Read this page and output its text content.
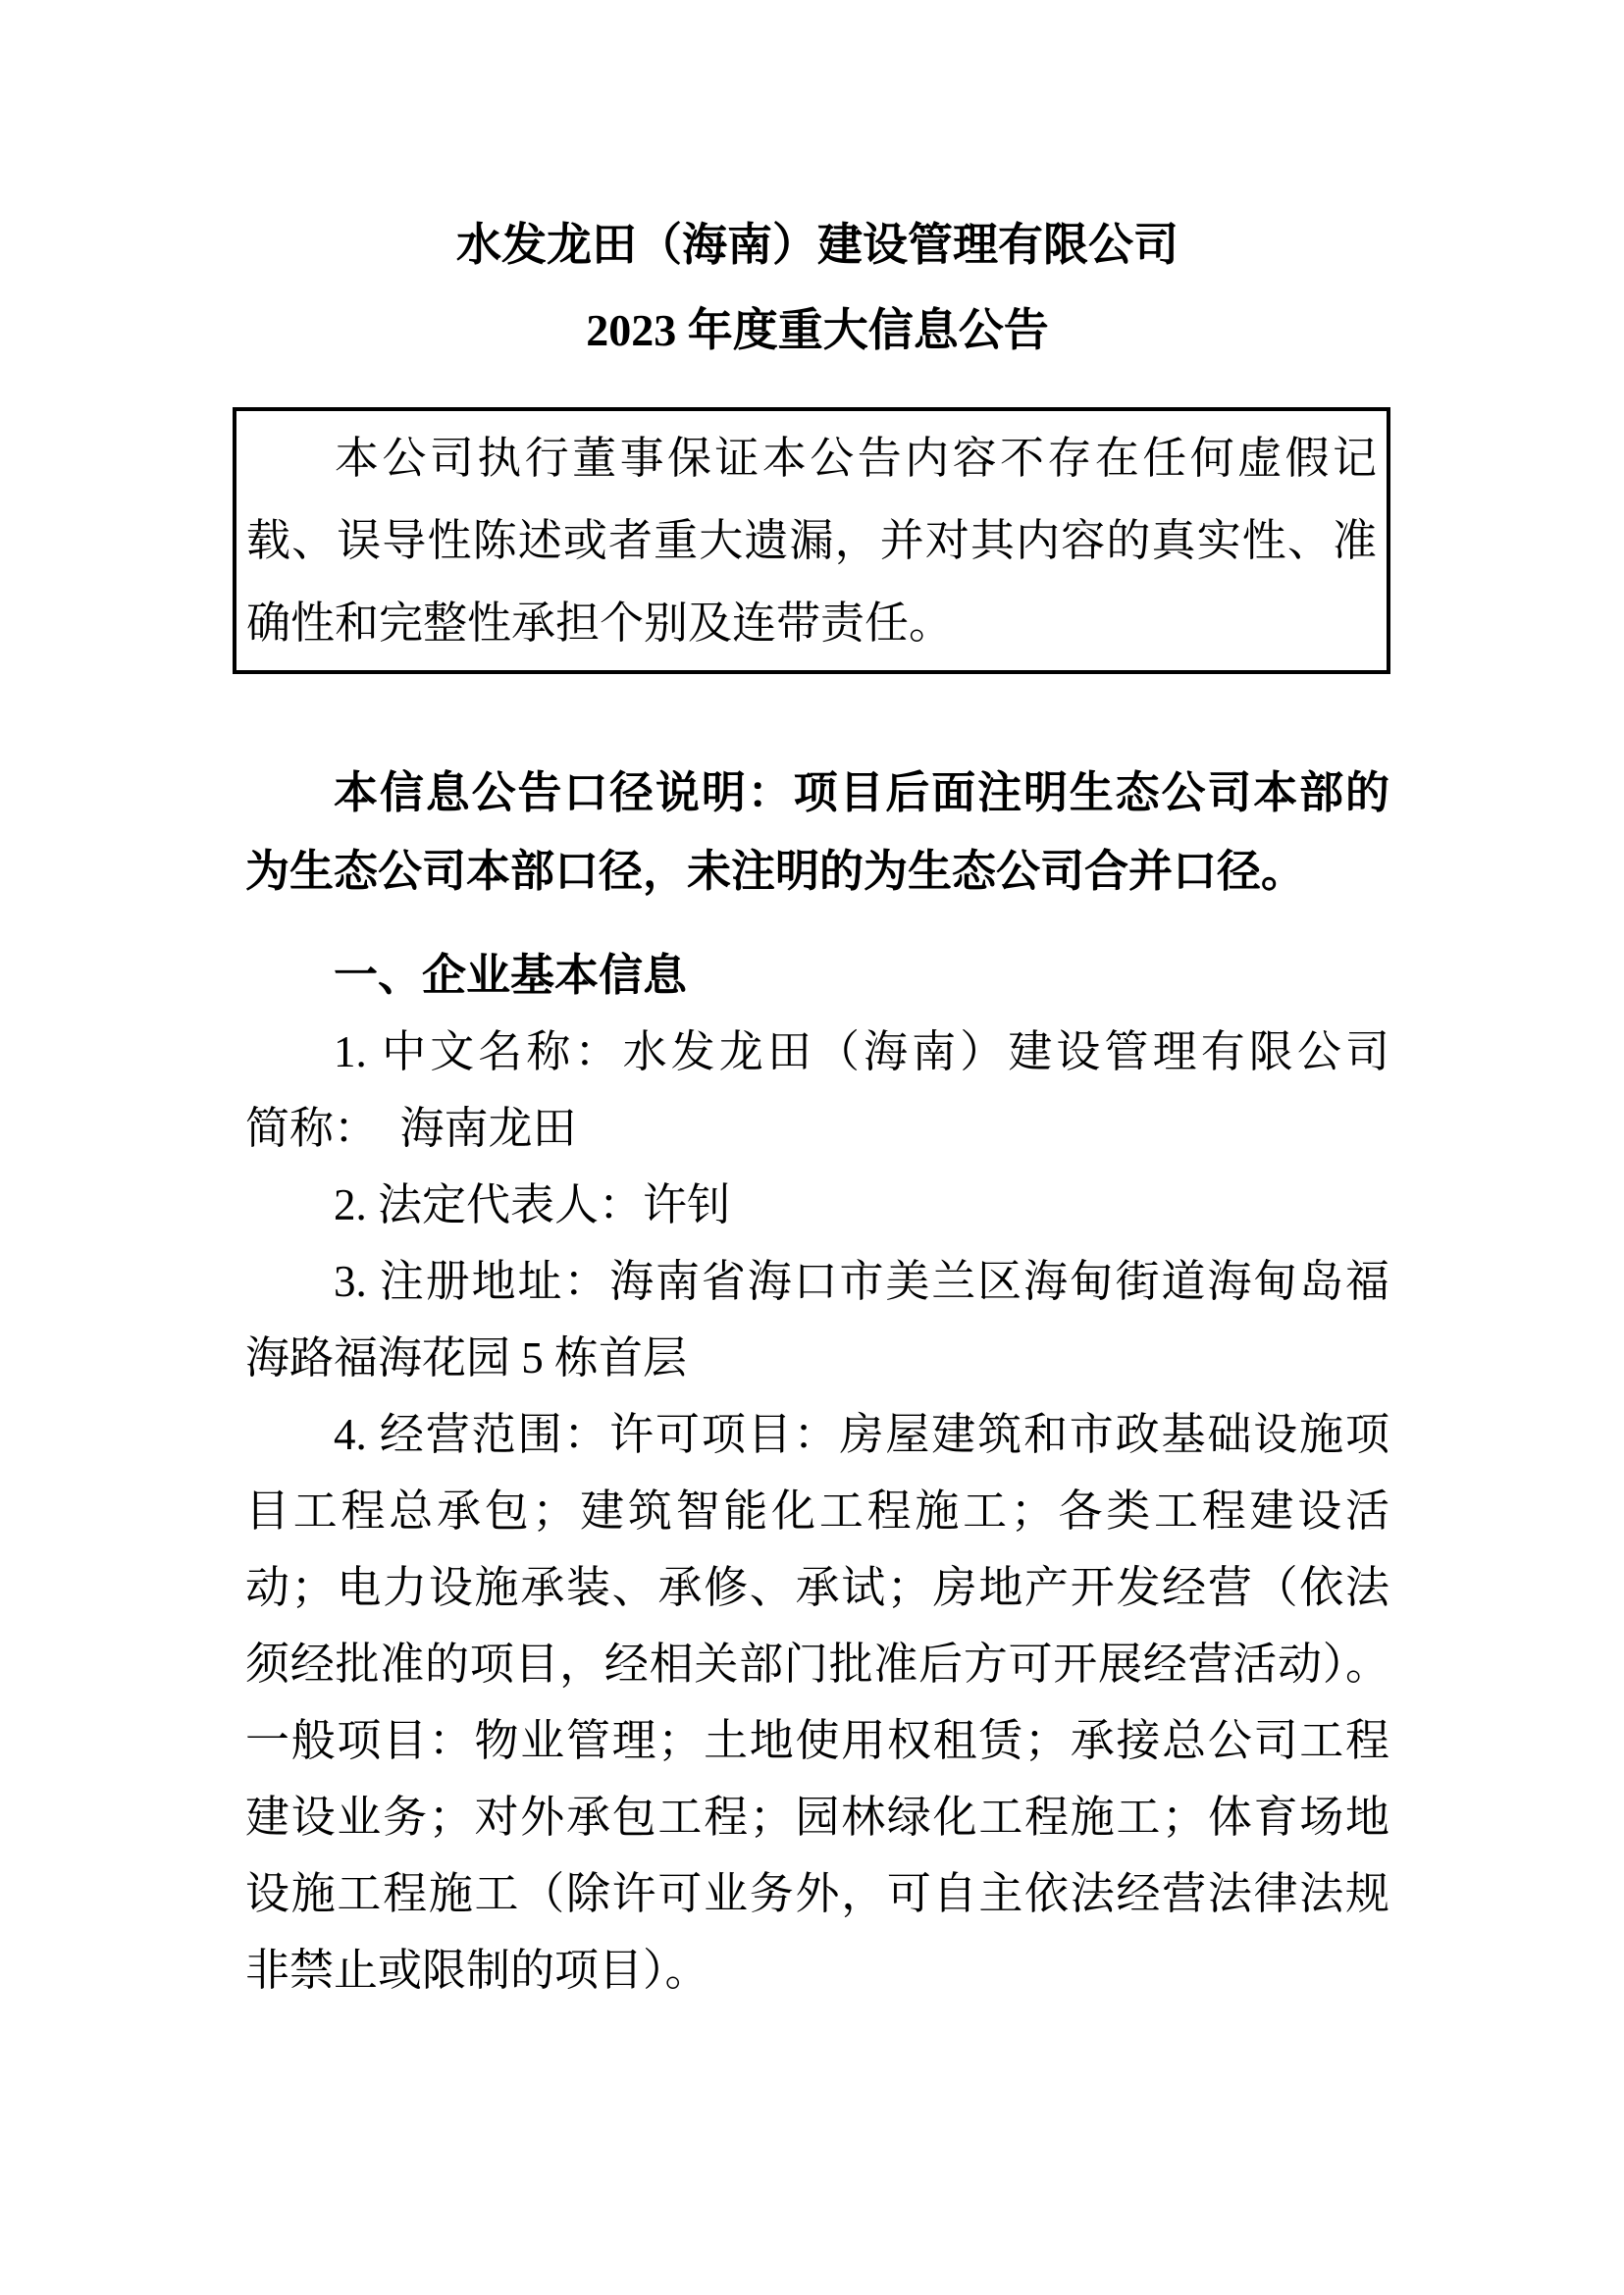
水发龙田（海南）建设管理有限公司
2023 年度重大信息公告
本公司执行董事保证本公告内容不存在任何虚假记载、误导性陈述或者重大遗漏，并对其内容的真实性、准确性和完整性承担个别及连带责任。

本信息公告口径说明：项目后面注明生态公司本部的为生态公司本部口径，未注明的为生态公司合并口径。

一、企业基本信息

1. 中文名称：水发龙田（海南）建设管理有限公司　简称：　海南龙田

2. 法定代表人：许钊

3. 注册地址：海南省海口市美兰区海甸街道海甸岛福海路福海花园 5 栋首层

4. 经营范围：许可项目：房屋建筑和市政基础设施项目工程总承包；建筑智能化工程施工；各类工程建设活动；电力设施承装、承修、承试；房地产开发经营（依法须经批准的项目，经相关部门批准后方可开展经营活动）。一般项目：物业管理；土地使用权租赁；承接总公司工程建设业务；对外承包工程；园林绿化工程施工；体育场地设施工程施工（除许可业务外，可自主依法经营法律法规非禁止或限制的项目）。
